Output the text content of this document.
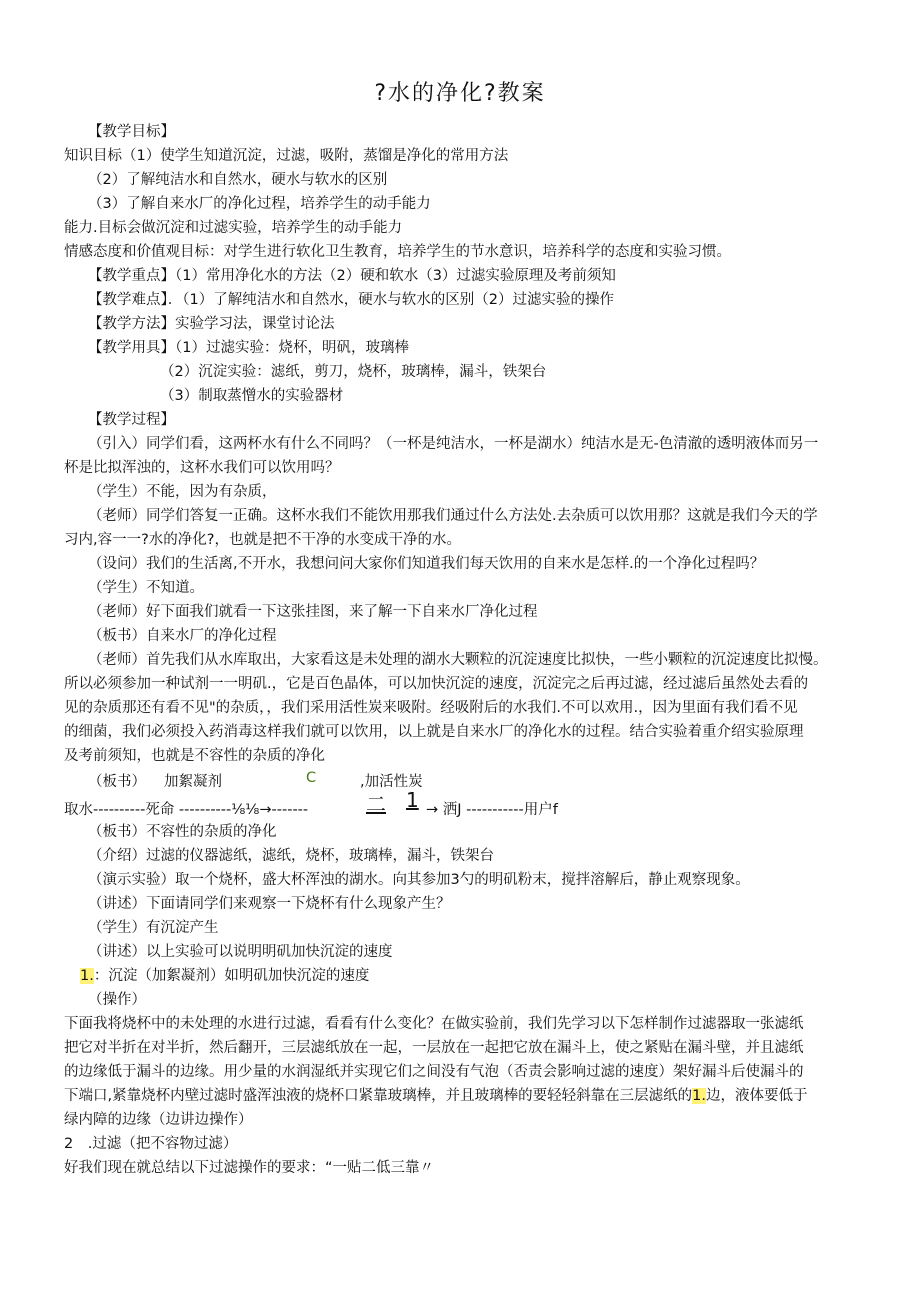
?水的净化?教案
【教学目标】
知识目标（1）使学生知道沉淀，过滤，吸附，蒸馏是净化的常用方法
（2）了解纯洁水和自然水，硬水与软水的区别
（3）了解自来水厂的净化过程，培养学生的动手能力
能力.目标会做沉淀和过滤实验，培养学生的动手能力
情感态度和价值观目标：对学生进行软化卫生教育，培养学生的节水意识，培养科学的态度和实验习惯。
【教学重点】（1）常用净化水的方法（2）硬和软水（3）过滤实验原理及考前须知
【教学难点】．（1）了解纯洁水和自然水，硬水与软水的区别（2）过滤实验的操作
【教学方法】实验学习法，课堂讨论法
【教学用具】（1）过滤实验：烧杯，明矾，玻璃棒
（2）沉淀实验：滤纸，剪刀，烧杯，玻璃棒，漏斗，铁架台
（3）制取蒸憎水的实验器材
【教学过程】
（引入）同学们看，这两杯水有什么不同吗？（一杯是纯洁水，一杯是湖水）纯洁水是无-色清澈的透明液体而另一
杯是比拟浑浊的，这杯水我们可以饮用吗？
（学生）不能，因为有杂质，
（老师）同学们答复一正确。这杯水我们不能饮用那我们通过什么方法处.去杂质可以饮用那？这就是我们今天的学
习内,容一一?水的净化?，也就是把不干净的水变成干净的水。
（设问）我们的生活离,不开水，我想问问大家你们知道我们每天饮用的自来水是怎样.的一个净化过程吗？
（学生）不知道。
（老师）好下面我们就看一下这张挂图，来了解一下自来水厂净化过程
（板书）自来水厂的净化过程
（老师）首先我们从水库取出，大家看这是未处理的湖水大颗粒的沉淀速度比拟快，一些小颗粒的沉淀速度比拟慢。
所以必须参加一种试剂一一明矶.，它是百色晶体，可以加快沉淀的速度，沉淀完之后再过滤，经过滤后虽然处去看的
见的杂质那还有看不见"的杂质，，我们采用活性炭来吸附。经吸附后的水我们.不可以欢用.，因为里面有我们看不见
的细菌，我们必须投入药消毒这样我们就可以饮用，以上就是自来水厂的净化水的过程。结合实验着重介绍实验原理
及考前须知，也就是不容性的杂质的净化
（板书）不容性的杂质的净化
（介绍）过滤的仪器滤纸，滤纸，烧杯，玻璃棒，漏斗，铁架台
（演示实验）取一个烧杯，盛大杯浑浊的湖水。向其参加3勺的明矶粉末，搅拌溶解后，静止观察现象。
（讲述）下面请同学们来观察一下烧杯有什么现象产生？
（学生）有沉淀产生
（讲述）以上实验可以说明明矶加快沉淀的速度
（操作）
下面我将烧杯中的未处理的水进行过滤，看看有什么变化？在做实验前，我们先学习以下怎样制作过滤器取一张滤纸
把它对半折在对半折，然后翻开，三层滤纸放在一起，一层放在一起把它放在漏斗上，使之紧贴在漏斗壁，并且滤纸
的边缘低于漏斗的边缘。用少量的水润湿纸并实现它们之间没有气泡（否责会影响过滤的速度）架好漏斗后使漏斗的
绿内障的边缘（边讲边操作）
2　.过滤（把不容物过滤）
好我们现在就总结以下过滤操作的要求：“一贴二低三靠〃
1.：沉淀（加絮凝剂）如明矶加快沉淀的速度
下端口,紧靠烧杯内壁过滤时盛浑浊液的烧杯口紧靠玻璃棒，并且玻璃棒的要轻轻斜靠在三层滤纸的1.边，液体要低于
（板书） 加絮凝剂	C	,加活性炭
取水----------死命 ----------⅛⅛→-------	二 1 → 洒J -----------用户f
